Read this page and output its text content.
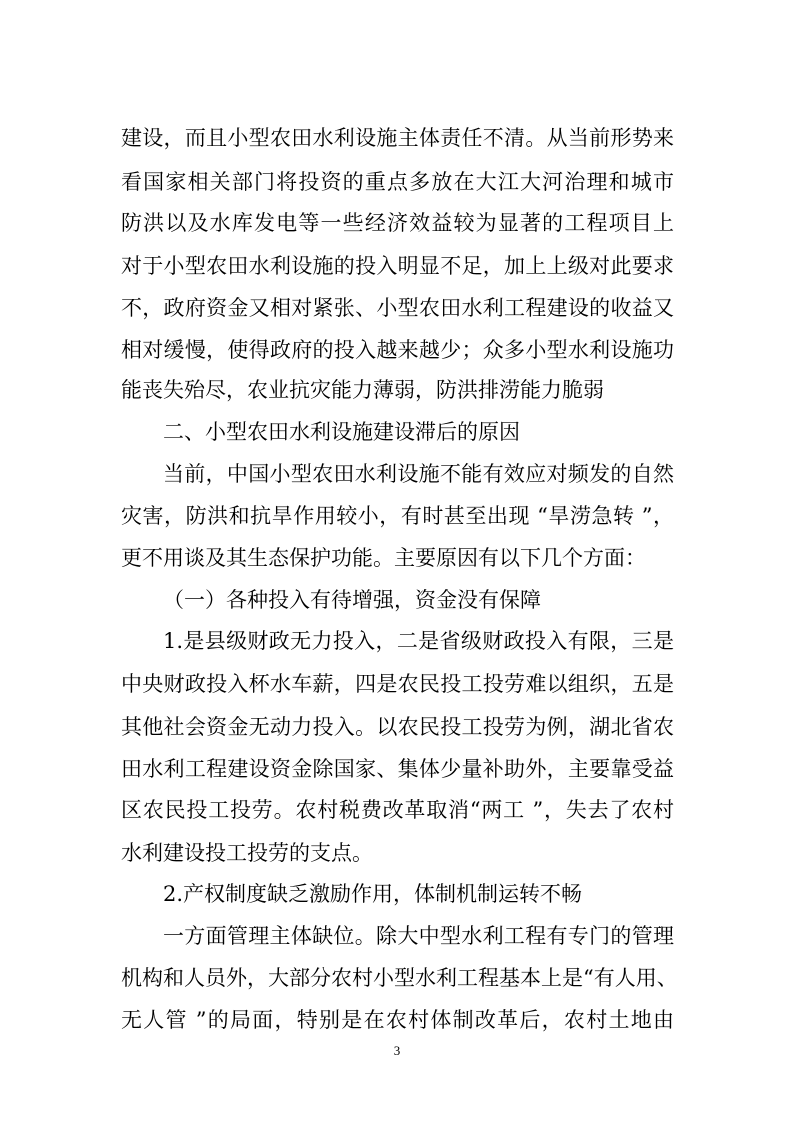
建设，而且小型农田水利设施主体责任不清。从当前形势来

看国家相关部门将投资的重点多放在大江大河治理和城市

防洪以及水库发电等一些经济效益较为显著的工程项目上

对于小型农田水利设施的投入明显不足，加上上级对此要求

不，政府资金又相对紧张、小型农田水利工程建设的收益又

相对缓慢，使得政府的投入越来越少；众多小型水利设施功

能丧失殆尽，农业抗灾能力薄弱，防洪排涝能力脆弱

二、小型农田水利设施建设滞后的原因

当前，中国小型农田水利设施不能有效应对频发的自然

灾害，防洪和抗旱作用较小，有时甚至出现 “旱涝急转 ”，

更不用谈及其生态保护功能。主要原因有以下几个方面：

（一）各种投入有待增强，资金没有保障

1.是县级财政无力投入，二是省级财政投入有限，三是

中央财政投入杯水车薪，四是农民投工投劳难以组织，五是

其他社会资金无动力投入。以农民投工投劳为例，湖北省农

田水利工程建设资金除国家、集体少量补助外，主要靠受益

区农民投工投劳。农村税费改革取消“两工 ”，失去了农村

水利建设投工投劳的支点。

2.产权制度缺乏激励作用，体制机制运转不畅

一方面管理主体缺位。除大中型水利工程有专门的管理

机构和人员外，大部分农村小型水利工程基本上是“有人用、

无人管 ”的局面，特别是在农村体制改革后，农村土地由

3
